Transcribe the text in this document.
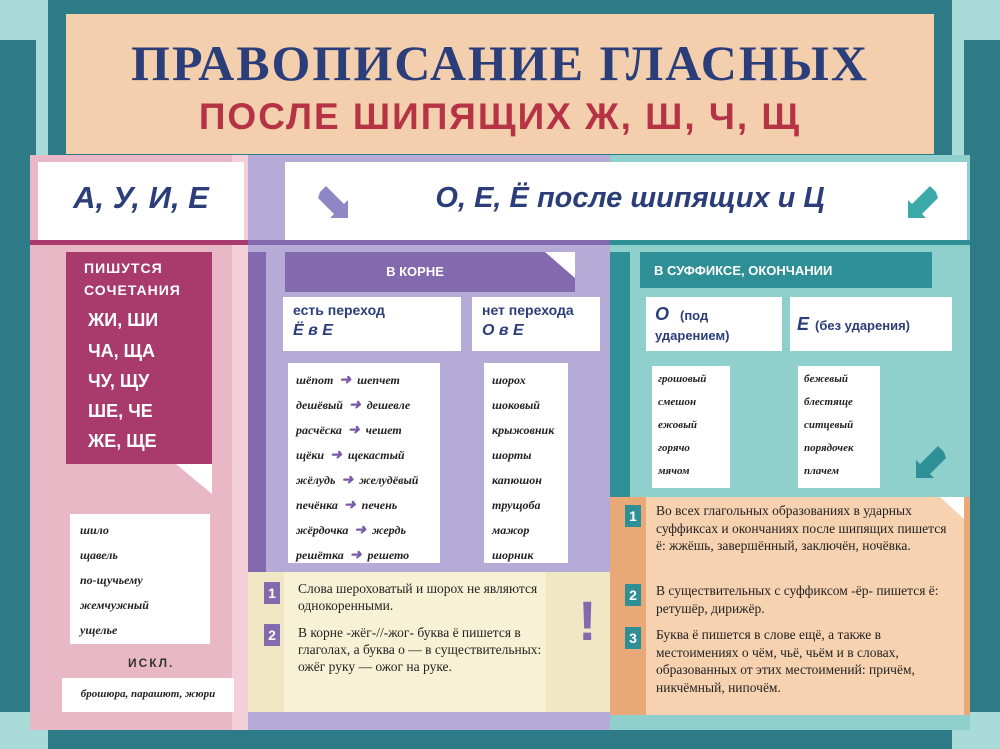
ПРАВОПИСАНИЕ ГЛАСНЫХ
ПОСЛЕ ШИПЯЩИХ Ж, Ш, Ч, Щ
А, У, И, Е	О, Е, Ё после шипящих и Ц
ПИШУТСЯ
СОЧЕТАНИЯ
ЖИ, ШИ
ЧА, ЩА
ЧУ, ЩУ
ШЕ, ЧЕ
ЖЕ, ЩЕ
шило
щавель
по-щучьему
жемчужный
ущелье
ИСКЛ.
брошюра, парашют, жюри
В КОРНЕ
есть переход
Ё в Е
нет перехода
О в Е
шёпот ➜ шепчет
дешёвый ➜ дешевле
расчёска ➜ чешет
щёки ➜ щекастый
жёлудь ➜ желудёвый
печёнка ➜ печень
жёрдочка ➜ жердь
решётка ➜ решето
шорох
шоковый
крыжовник
шорты
капюшон
трущоба
мажор
шорник
В СУФФИКСЕ, ОКОНЧАНИИ
О (под
ударением)
Е (без ударения)
грошовый
смешон
ежовый
горячо
мячом
бежевый
блестяще
ситцевый
порядочек
плачем
1
2
Слова шероховатый и шорох не являются однокоренными.
В корне -жёг-//-жог- буква ё пишется в глаголах, а буква о — в существительных: ожёг руку — ожог на руке.
!
1
2
3
Во всех глагольных образованиях в ударных суффиксах и окончаниях после шипящих пишется ё: жжёшь, завершённый, заключён, ночёвка.
В существительных с суффиксом -ёр- пишется ё: ретушёр, дирижёр.
Буква ё пишется в слове ещё, а также в местоимениях о чём, чьё, чьём и в словах, образованных от этих местоимений: причём, никчёмный, нипочём.
